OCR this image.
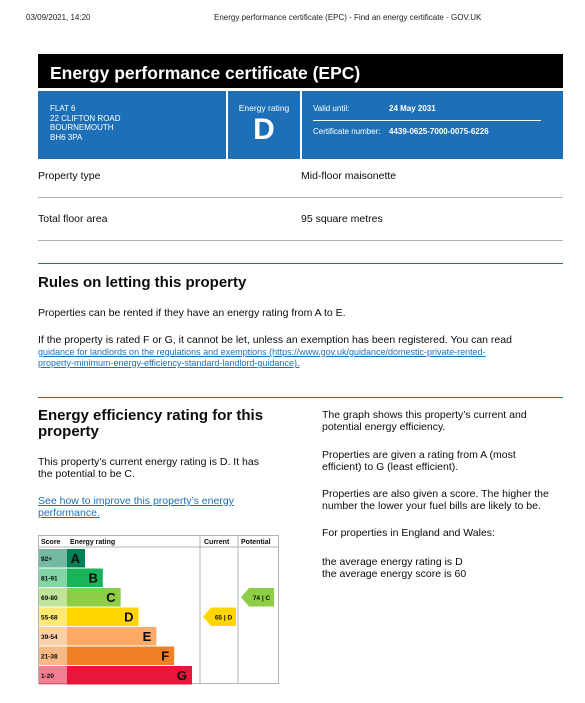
03/09/2021, 14:20	Energy performance certificate (EPC) - Find an energy certificate - GOV.UK
Energy performance certificate (EPC)
FLAT 6
22 CLIFTON ROAD
BOURNEMOUTH
BH6 3PA
Energy rating
D
Valid until:	24 May 2031
Certificate number: 4439-0625-7000-0075-6226
Property type	Mid-floor maisonette
Total floor area	95 square metres
Rules on letting this property
Properties can be rented if they have an energy rating from A to E.
If the property is rated F or G, it cannot be let, unless an exemption has been registered. You can read
guidance for landlords on the regulations and exemptions (https://www.gov.uk/guidance/domestic-private-rented-
property-minimum-energy-efficiency-standard-landlord-guidance).
Energy efficiency rating for this
property
This property’s current energy rating is D. It has
the potential to be C.
See how to improve this property’s energy
performance.
The graph shows this property’s current and
potential energy efficiency.
Properties are given a rating from A (most
efficient) to G (least efficient).
Properties are also given a score. The higher the
number the lower your fuel bills are likely to be.
For properties in England and Wales:
the average energy rating is D
the average energy score is 60
Score Energy rating	Current Potential
92+ A
81-91 B
69-80	C
55-68	D
39-54	E
21-38	F
1-20	G
65 | D
74 | C
